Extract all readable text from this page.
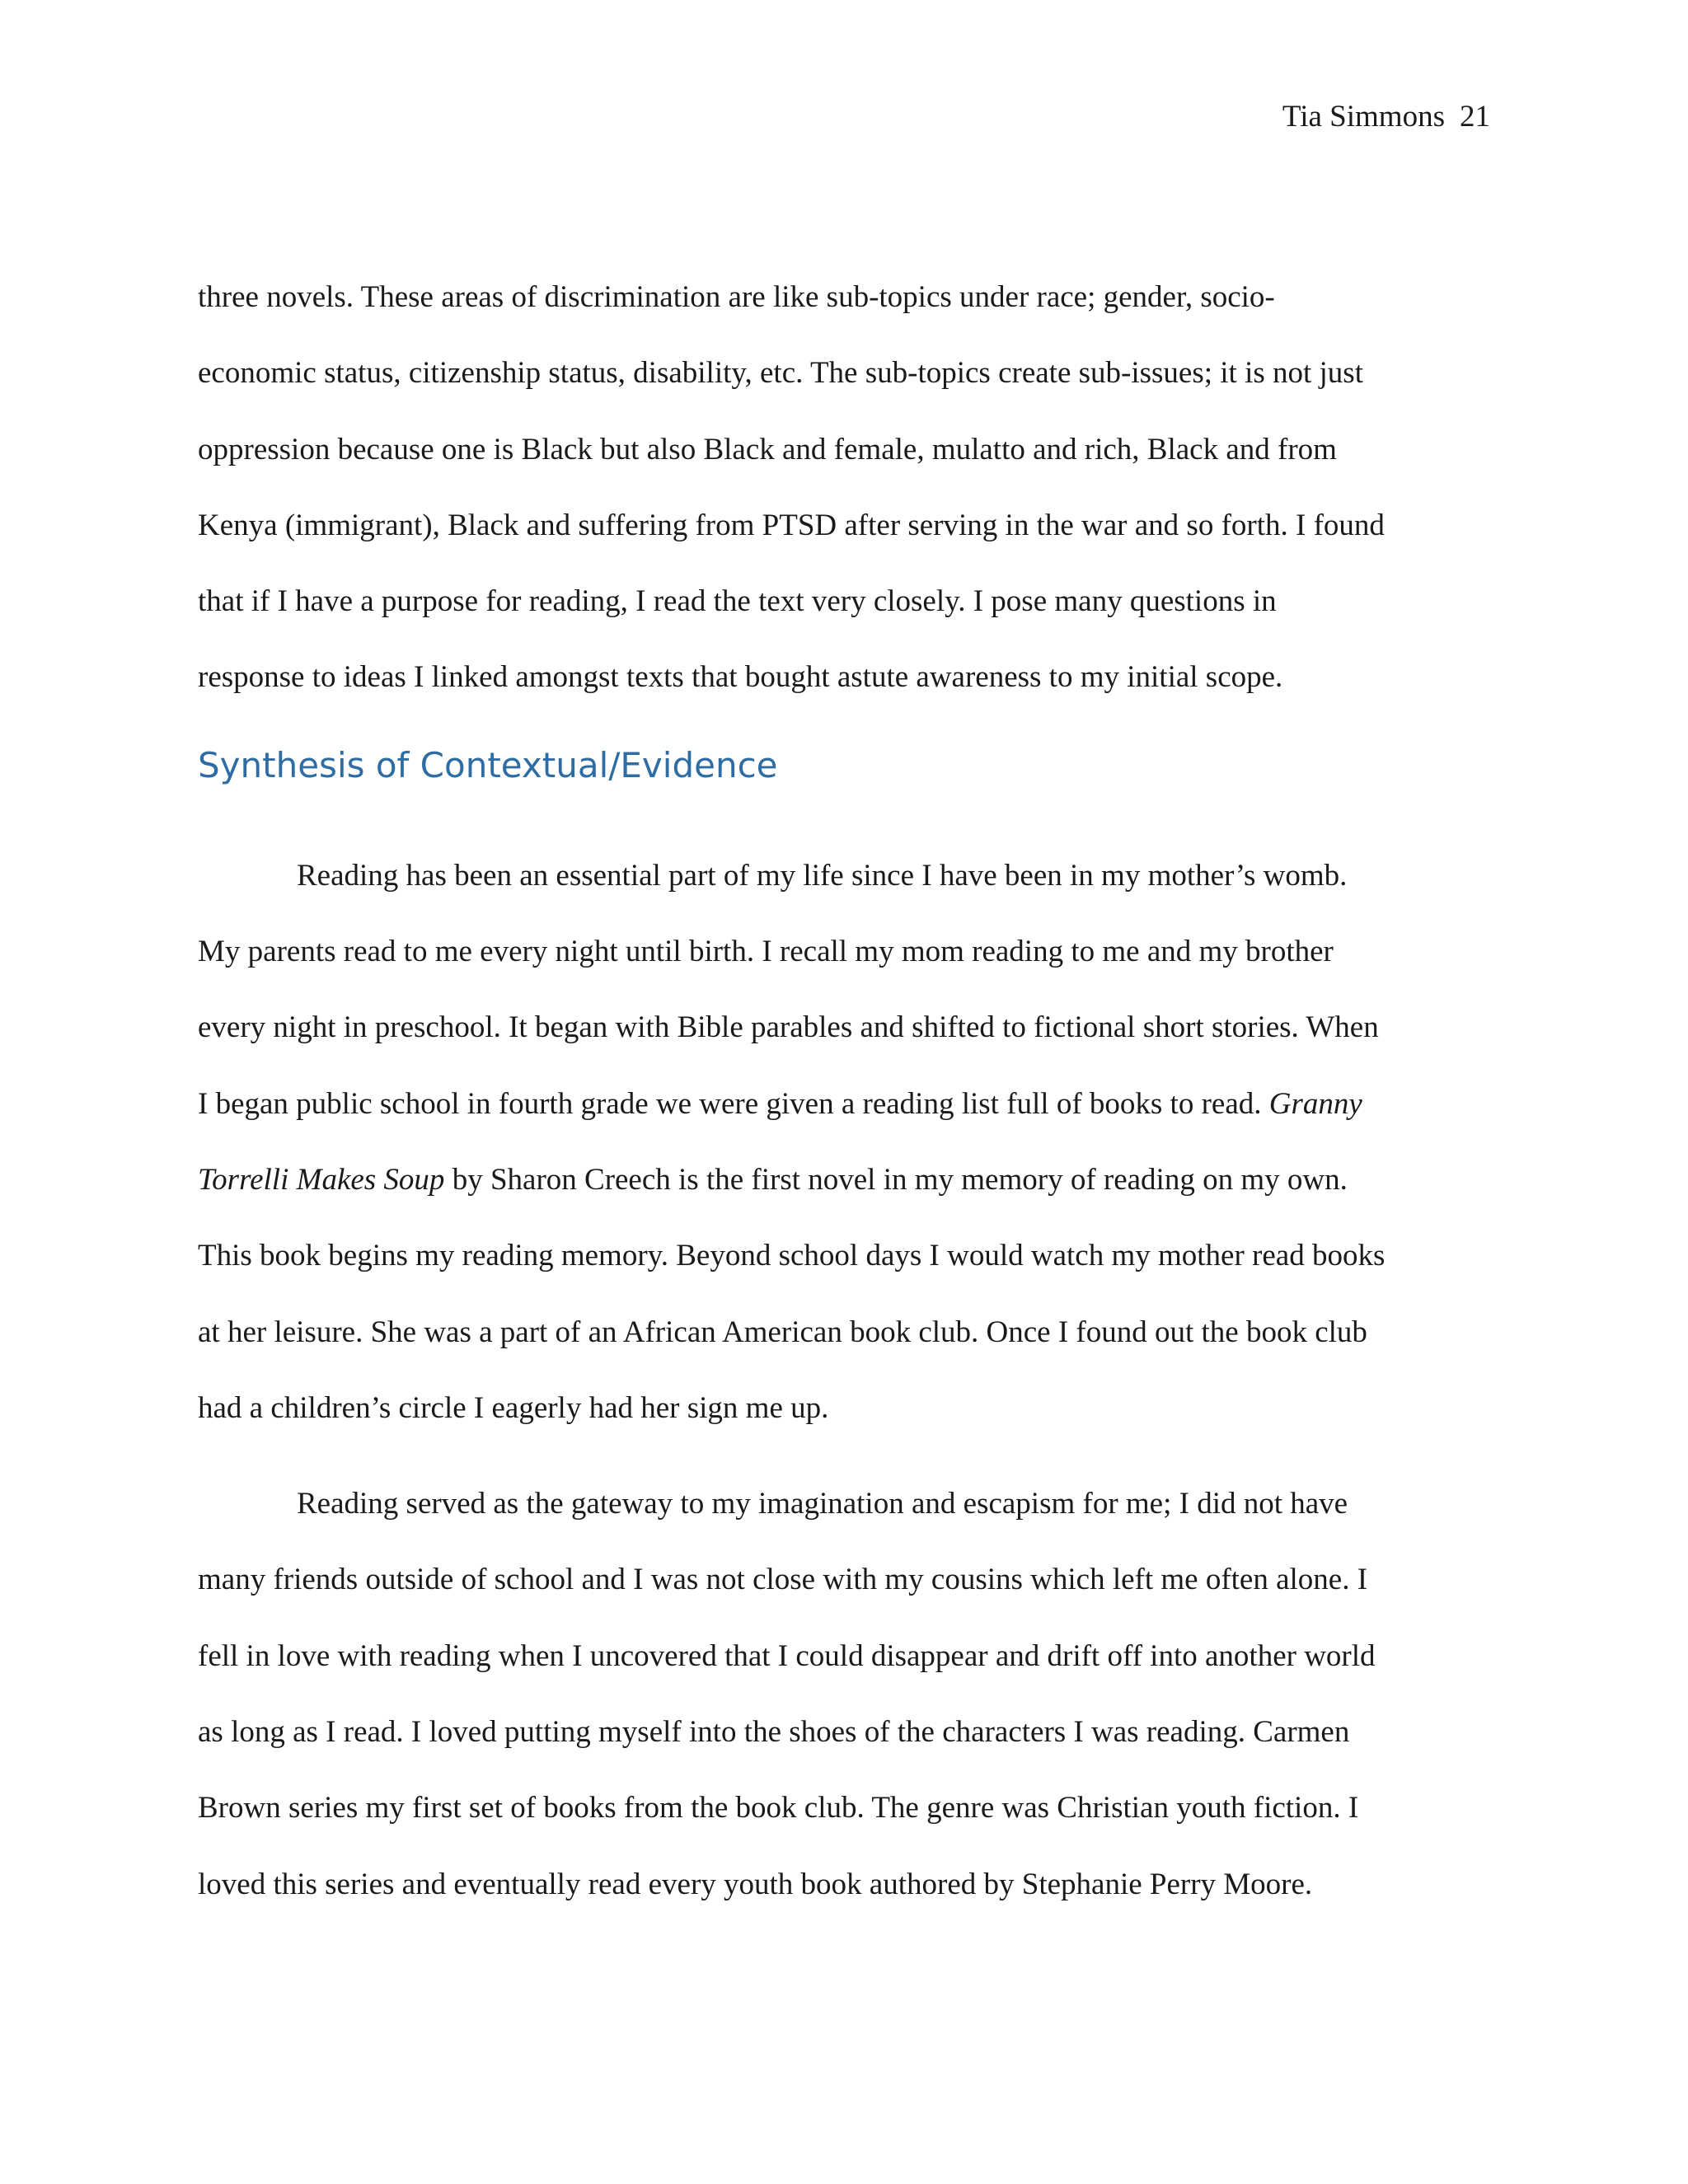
Tia Simmons 21
three novels. These areas of discrimination are like sub-topics under race; gender, socio-
economic status, citizenship status, disability, etc. The sub-topics create sub-issues; it is not just
oppression because one is Black but also Black and female, mulatto and rich, Black and from
Kenya (immigrant), Black and suffering from PTSD after serving in the war and so forth. I found
that if I have a purpose for reading, I read the text very closely. I pose many questions in
response to ideas I linked amongst texts that bought astute awareness to my initial scope.
Synthesis of Contextual/Evidence
Reading has been an essential part of my life since I have been in my mother’s womb.
My parents read to me every night until birth. I recall my mom reading to me and my brother
every night in preschool. It began with Bible parables and shifted to fictional short stories. When
I began public school in fourth grade we were given a reading list full of books to read. Granny
Torrelli Makes Soup by Sharon Creech is the first novel in my memory of reading on my own.
This book begins my reading memory. Beyond school days I would watch my mother read books
at her leisure. She was a part of an African American book club. Once I found out the book club
had a children’s circle I eagerly had her sign me up.
Reading served as the gateway to my imagination and escapism for me; I did not have
many friends outside of school and I was not close with my cousins which left me often alone. I
fell in love with reading when I uncovered that I could disappear and drift off into another world
as long as I read. I loved putting myself into the shoes of the characters I was reading. Carmen
Brown series my first set of books from the book club. The genre was Christian youth fiction. I
loved this series and eventually read every youth book authored by Stephanie Perry Moore.
